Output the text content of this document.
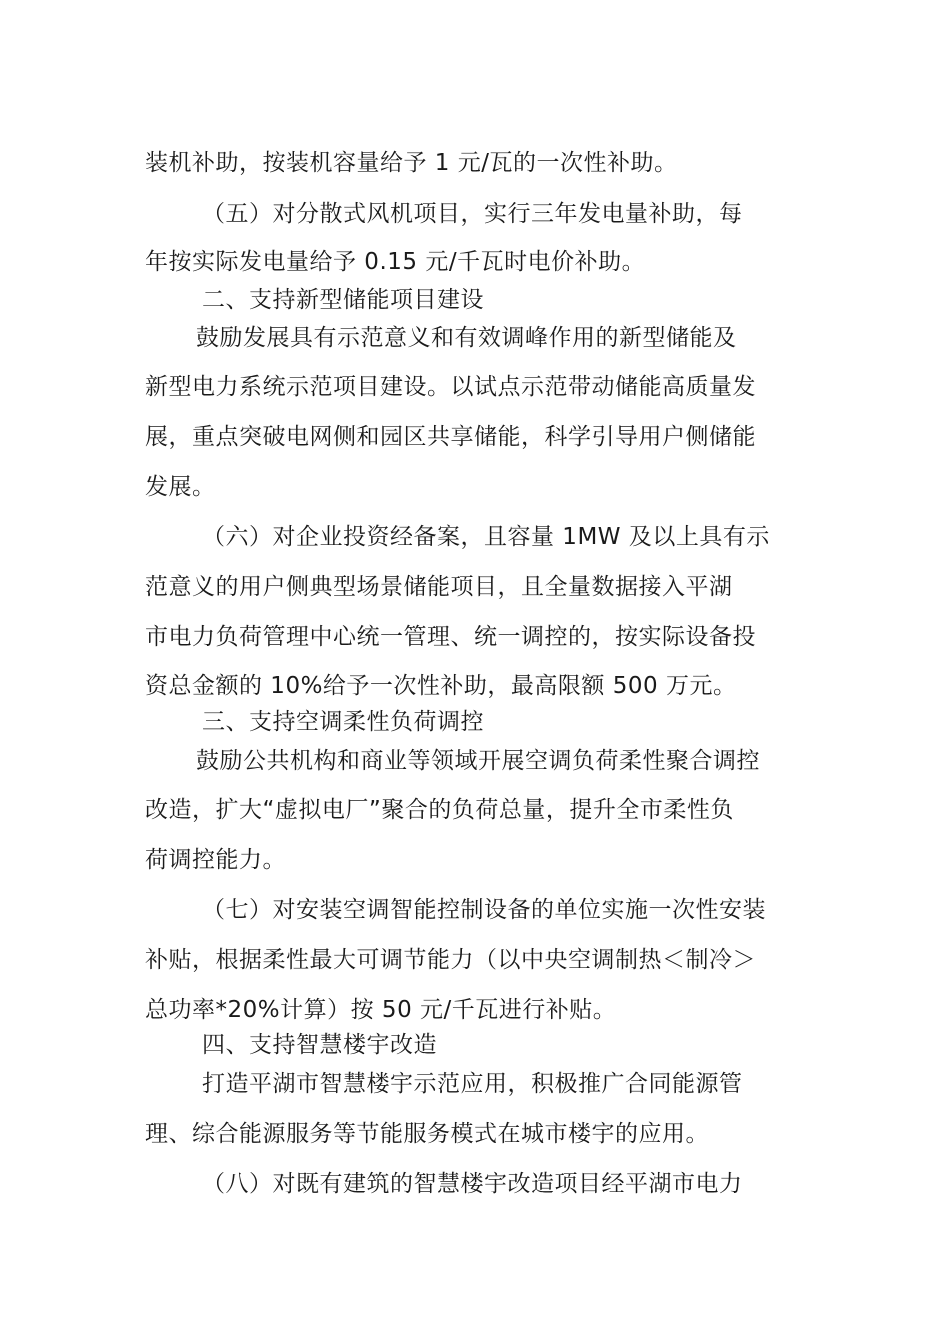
装机补助，按装机容量给予 1 元/瓦的一次性补助。
（五）对分散式风机项目，实行三年发电量补助，每
年按实际发电量给予 0.15 元/千瓦时电价补助。
二、支持新型储能项目建设
鼓励发展具有示范意义和有效调峰作用的新型储能及
新型电力系统示范项目建设。以试点示范带动储能高质量发
展，重点突破电网侧和园区共享储能，科学引导用户侧储能
发展。
（六）对企业投资经备案，且容量 1MW 及以上具有示
范意义的用户侧典型场景储能项目，且全量数据接入平湖
市电力负荷管理中心统一管理、统一调控的，按实际设备投
资总金额的 10%给予一次性补助，最高限额 500 万元。
三、支持空调柔性负荷调控
鼓励公共机构和商业等领域开展空调负荷柔性聚合调控
改造，扩大“虚拟电厂”聚合的负荷总量，提升全市柔性负
荷调控能力。
（七）对安装空调智能控制设备的单位实施一次性安装
补贴，根据柔性最大可调节能力（以中央空调制热＜制冷＞
总功率*20%计算）按 50 元/千瓦进行补贴。
四、支持智慧楼宇改造
打造平湖市智慧楼宇示范应用，积极推广合同能源管
理、综合能源服务等节能服务模式在城市楼宇的应用。
（八）对既有建筑的智慧楼宇改造项目经平湖市电力
